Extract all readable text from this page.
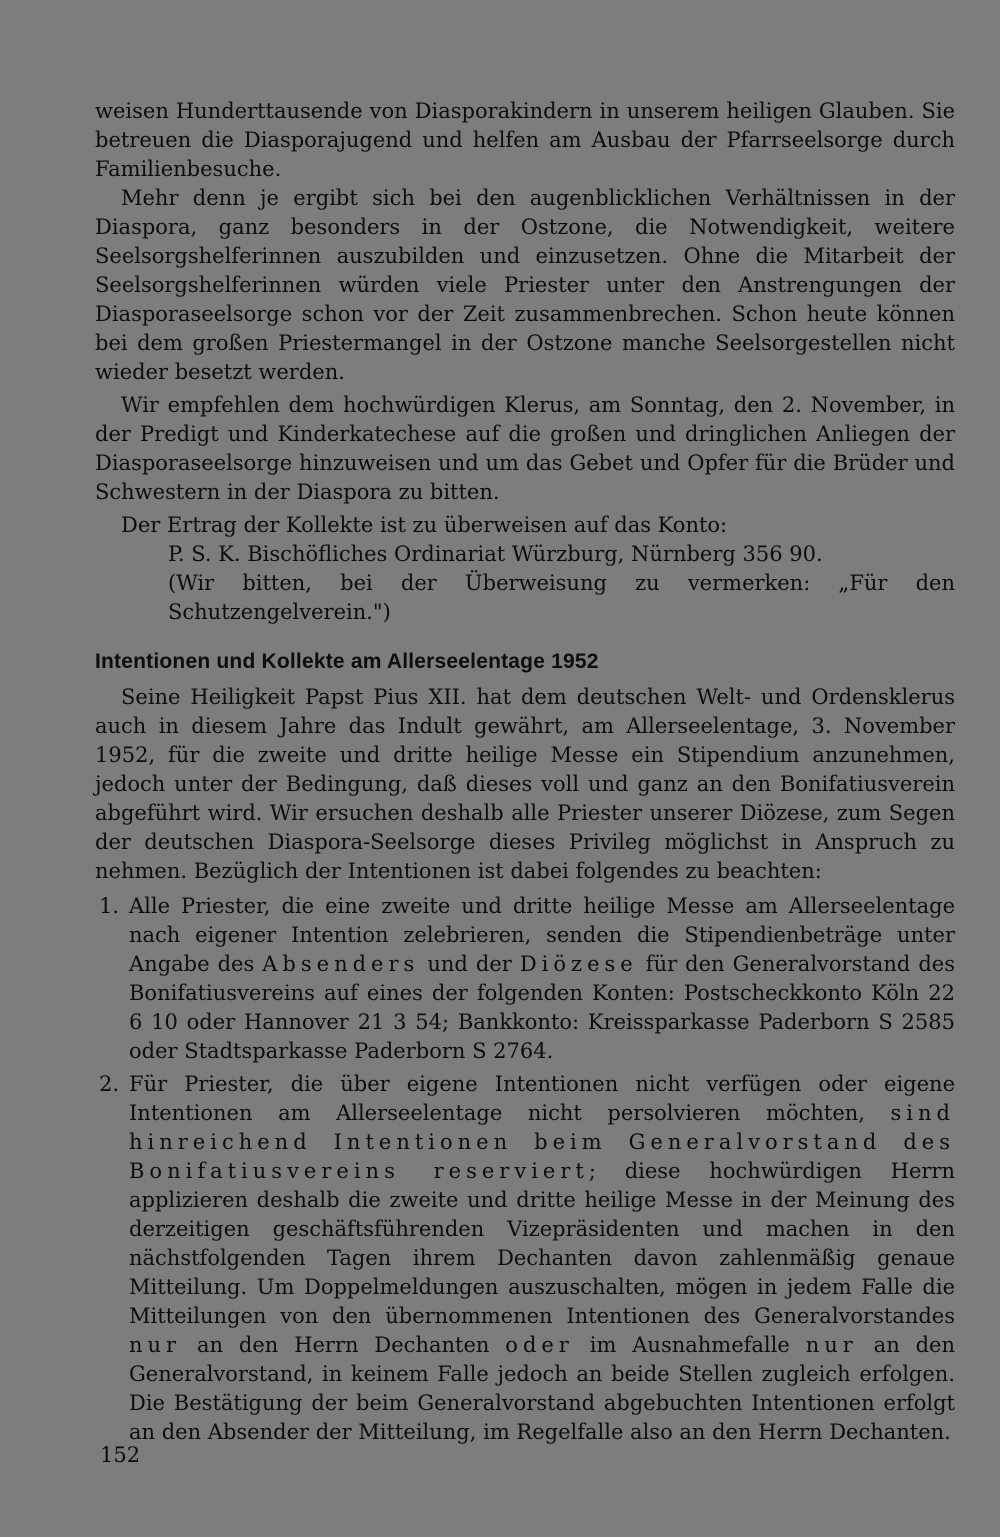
weisen Hunderttausende von Diasporakindern in unserem heiligen Glauben. Sie betreuen die Diasporajugend und helfen am Ausbau der Pfarrseelsorge durch Familienbesuche.

Mehr denn je ergibt sich bei den augenblicklichen Verhältnissen in der Diaspora, ganz besonders in der Ostzone, die Notwendigkeit, weitere Seelsorgshelferinnen auszubilden und einzusetzen. Ohne die Mitarbeit der Seelsorgshelferinnen würden viele Priester unter den Anstrengungen der Diasporaseelsorge schon vor der Zeit zusammenbrechen. Schon heute können bei dem großen Priestermangel in der Ostzone manche Seelsorgestellen nicht wieder besetzt werden.

Wir empfehlen dem hochwürdigen Klerus, am Sonntag, den 2. November, in der Predigt und Kinderkatechese auf die großen und dringlichen Anliegen der Diasporaseelsorge hinzuweisen und um das Gebet und Opfer für die Brüder und Schwestern in der Diaspora zu bitten.

Der Ertrag der Kollekte ist zu überweisen auf das Konto:

P. S. K. Bischöfliches Ordinariat Würzburg, Nürnberg 356 90.

(Wir bitten, bei der Überweisung zu vermerken: „Für den Schutzengelverein.")

Intentionen und Kollekte am Allerseelentage 1952

Seine Heiligkeit Papst Pius XII. hat dem deutschen Welt- und Ordensklerus auch in diesem Jahre das Indult gewährt, am Allerseelentage, 3. November 1952, für die zweite und dritte heilige Messe ein Stipendium anzunehmen, jedoch unter der Bedingung, daß dieses voll und ganz an den Bonifatiusverein abgeführt wird. Wir ersuchen deshalb alle Priester unserer Diözese, zum Segen der deutschen Diaspora-Seelsorge dieses Privileg möglichst in Anspruch zu nehmen. Bezüglich der Intentionen ist dabei folgendes zu beachten:

1. Alle Priester, die eine zweite und dritte heilige Messe am Allerseelentage nach eigener Intention zelebrieren, senden die Stipendienbeträge unter Angabe des Absenders und der Diözese für den Generalvorstand des Bonifatiusvereins auf eines der folgenden Konten: Postscheckkonto Köln 22 6 10 oder Hannover 21 3 54; Bankkonto: Kreissparkasse Paderborn S 2585 oder Stadtsparkasse Paderborn S 2764.
2. Für Priester, die über eigene Intentionen nicht verfügen oder eigene Intentionen am Allerseelentage nicht persolvieren möchten, sind hinreichend Intentionen beim Generalvorstand des Bonifatiusvereins reserviert; diese hochwürdigen Herrn applizieren deshalb die zweite und dritte heilige Messe in der Meinung des derzeitigen geschäftsführenden Vizepräsidenten und machen in den nächstfolgenden Tagen ihrem Dechanten davon zahlenmäßig genaue Mitteilung. Um Doppelmeldungen auszuschalten, mögen in jedem Falle die Mitteilungen von den übernommenen Intentionen des Generalvorstandes nur an den Herrn Dechanten oder im Ausnahmefalle nur an den Generalvorstand, in keinem Falle jedoch an beide Stellen zugleich erfolgen. Die Bestätigung der beim Generalvorstand abgebuchten Intentionen erfolgt an den Absender der Mitteilung, im Regelfalle also an den Herrn Dechanten.
152
